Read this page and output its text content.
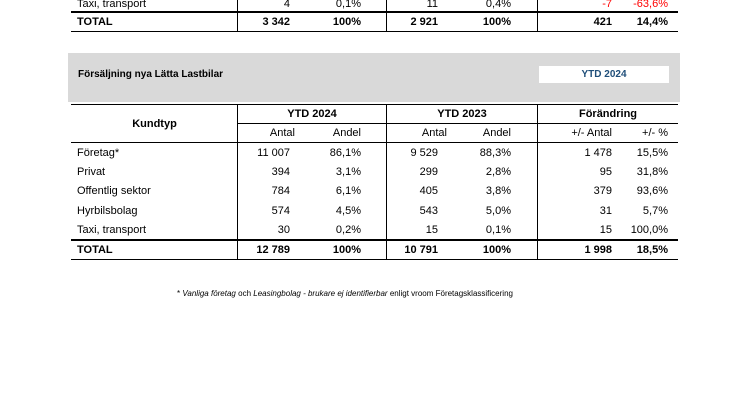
Taxi, transport	4	0,1%	11	0,4%	-7	-63,6%
TOTAL	3 342	100%	2 921	100%	421	14,4%
Försäljning nya Lätta Lastbilar	YTD 2024
Kundtyp
YTD 2024	YTD 2023	Förändring
Antal	Andel	Antal	Andel	+/- Antal	+/- %
Företag*	11 007	86,1%	9 529	88,3%	1 478	15,5%
Privat	394	3,1%	299	2,8%	95	31,8%
Offentlig sektor	784	6,1%	405	3,8%	379	93,6%
Hyrbilsbolag	574	4,5%	543	5,0%	31	5,7%
Taxi, transport	30	0,2%	15	0,1%	15	100,0%
TOTAL	12 789	100%	10 791	100%	1 998	18,5%
* Vanliga företag och Leasingbolag - brukare ej identifierbar enligt vroom Företagsklassificering
